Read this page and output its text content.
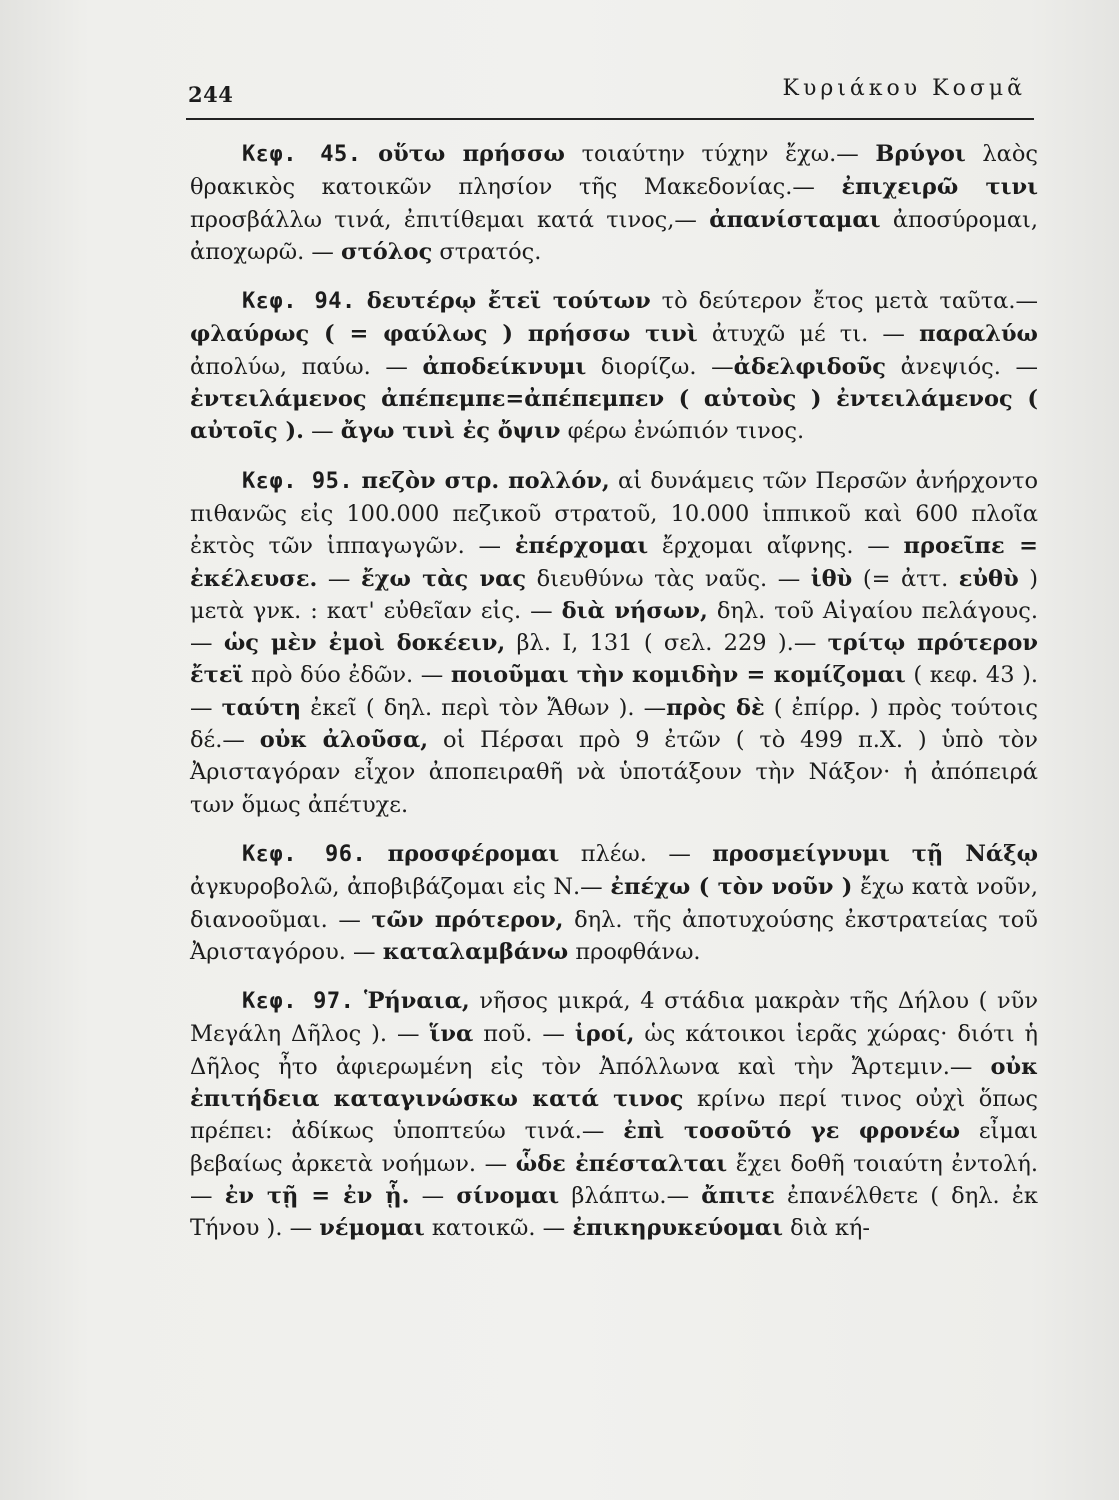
244	Κυριάκου Κοσμᾶ

Κεφ. 45. οὕτω πρήσσω τοιαύτην τύχην ἔχω.— Βρύγοι λαὸς θρακικὸς κατοικῶν πλησίον τῆς Μακεδονίας.— ἐπιχειρῶ τινι προσβάλλω τινά, ἐπιτίθεμαι κατά τινος,— ἀπανίσταμαι ἀποσύρομαι, ἀποχωρῶ. — στόλος στρατός.

Κεφ. 94. δευτέρῳ ἔτεϊ τούτων τὸ δεύτερον ἔτος μετὰ ταῦτα.— φλαύρως ( = φαύλως ) πρήσσω τινὶ ἀτυχῶ μέ τι. — παραλύω ἀπολύω, παύω. — ἀποδείκνυμι διορίζω. —ἀδελφιδοῦς ἀνεψιός. — ἐντειλάμενος ἀπέπεμπε=ἀπέπεμπεν ( αὐτοὺς ) ἐντειλάμενος ( αὐτοῖς ). — ἄγω τινὶ ἐς ὄψιν φέρω ἐνώπιόν τινος.

Κεφ. 95. πεζὸν στρ. πολλόν, αἱ δυνάμεις τῶν Περσῶν ἀνήρχοντο πιθανῶς εἰς 100.000 πεζικοῦ στρατοῦ, 10.000 ἱππικοῦ καὶ 600 πλοῖα ἐκτὸς τῶν ἱππαγωγῶν. — ἐπέρχομαι ἔρχομαι αἴφνης. — προεῖπε = ἐκέλευσε. — ἔχω τὰς νας διευθύνω τὰς ναῦς. — ἰθὺ (= ἀττ. εὐθὺ ) μετὰ γνκ. : κατ' εὐθεῖαν εἰς. — διὰ νήσων, δηλ. τοῦ Αἰγαίου πελάγους.— ὡς μὲν ἐμοὶ δοκέειν, βλ. I, 131 ( σελ. 229 ).— τρίτῳ πρότερον ἔτεϊ πρὸ δύο ἐδῶν. — ποιοῦμαι τὴν κομιδὴν = κομίζομαι ( κεφ. 43 ). — ταύτη ἐκεῖ ( δηλ. περὶ τὸν Ἄθων ). —πρὸς δὲ ( ἐπίρρ. ) πρὸς τούτοις δέ.— οὐκ ἀλοῦσα, οἱ Πέρσαι πρὸ 9 ἐτῶν ( τὸ 499 π.Χ. ) ὑπὸ τὸν Ἀρισταγόραν εἶχον ἀποπειραθῆ νὰ ὑποτάξουν τὴν Νάξον· ἡ ἀπόπειρά των ὅμως ἀπέτυχε.

Κεφ. 96. προσφέρομαι πλέω. — προσμείγνυμι τῇ Νάξῳ ἀγκυροβολῶ, ἀποβιβάζομαι εἰς Ν.— ἐπέχω ( τὸν νοῦν ) ἔχω κατὰ νοῦν, διανοοῦμαι. — τῶν πρότερον, δηλ. τῆς ἀποτυχούσης ἐκστρατείας τοῦ Ἀρισταγόρου. — καταλαμβάνω προφθάνω.

Κεφ. 97. Ῥήναια, νῆσος μικρά, 4 στάδια μακρὰν τῆς Δήλου ( νῦν Μεγάλη Δῆλος ). — ἵνα ποῦ. — ἱροί, ὡς κάτοικοι ἱερᾶς χώρας· διότι ἡ Δῆλος ἦτο ἀφιερωμένη εἰς τὸν Ἀπόλλωνα καὶ τὴν Ἄρτεμιν.— οὐκ ἐπιτήδεια καταγινώσκω κατά τινος κρίνω περί τινος οὐχὶ ὅπως πρέπει: ἀδίκως ὑποπτεύω τινά.— ἐπὶ τοσοῦτό γε φρονέω εἶμαι βεβαίως ἀρκετὰ νοήμων. — ὧδε ἐπέσταλται ἔχει δοθῆ τοιαύτη ἐντολή. — ἐν τῇ = ἐν ᾗ. — σίνομαι βλάπτω.— ἄπιτε ἐπανέλθετε ( δηλ. ἐκ Τήνου ). — νέμομαι κατοικῶ. — ἐπικηρυκεύομαι διὰ κή-
